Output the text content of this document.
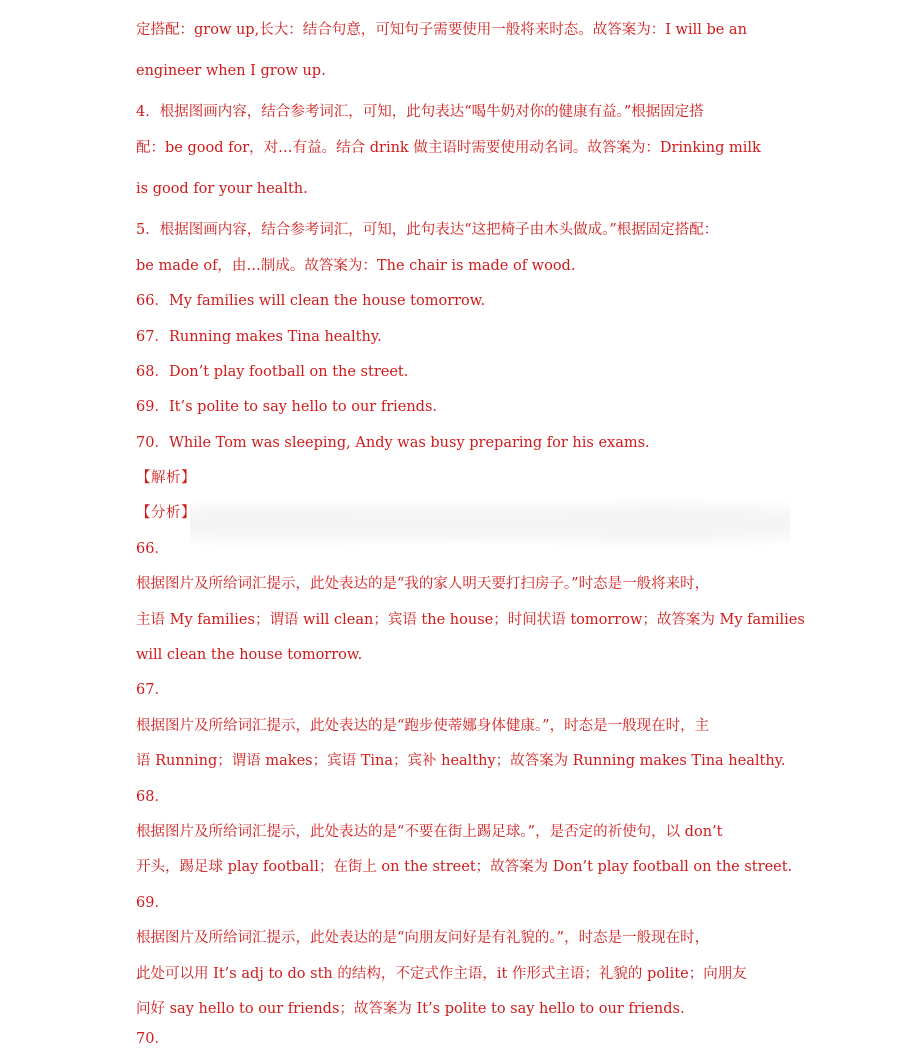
定搭配：grow up,长大：结合句意，可知句子需要使用一般将来时态。故答案为：I will be an
engineer when I grow up.
4．根据图画内容，结合参考词汇，可知，此句表达“喝牛奶对你的健康有益。”根据固定搭
配：be good for，对…有益。结合 drink 做主语时需要使用动名词。故答案为：Drinking milk
is good for your health.
5．根据图画内容，结合参考词汇，可知，此句表达“这把椅子由木头做成。”根据固定搭配：
be made of，由…制成。故答案为：The chair is made of wood.
66．My families will clean the house tomorrow.
67．Running makes Tina healthy.
68．Don’t play football on the street.
69．It’s polite to say hello to our friends.
70．While Tom was sleeping, Andy was busy preparing for his exams.
【解析】
【分析】
66．
根据图片及所给词汇提示，此处表达的是“我的家人明天要打扫房子。”时态是一般将来时，
主语 My families；谓语 will clean；宾语 the house；时间状语 tomorrow；故答案为 My families
will clean the house tomorrow.
67．
根据图片及所给词汇提示，此处表达的是“跑步使蒂娜身体健康。”，时态是一般现在时，主
语 Running；谓语 makes；宾语 Tina；宾补 healthy；故答案为 Running makes Tina healthy.
68．
根据图片及所给词汇提示，此处表达的是“不要在街上踢足球。”，是否定的祈使句，以 don’t
开头，踢足球 play football；在街上 on the street；故答案为 Don’t play football on the street.
69．
根据图片及所给词汇提示，此处表达的是“向朋友问好是有礼貌的。”，时态是一般现在时，
此处可以用 It’s adj to do sth 的结构，不定式作主语，it 作形式主语；礼貌的 polite；向朋友
问好 say hello to our friends；故答案为 It’s polite to say hello to our friends.
70．
